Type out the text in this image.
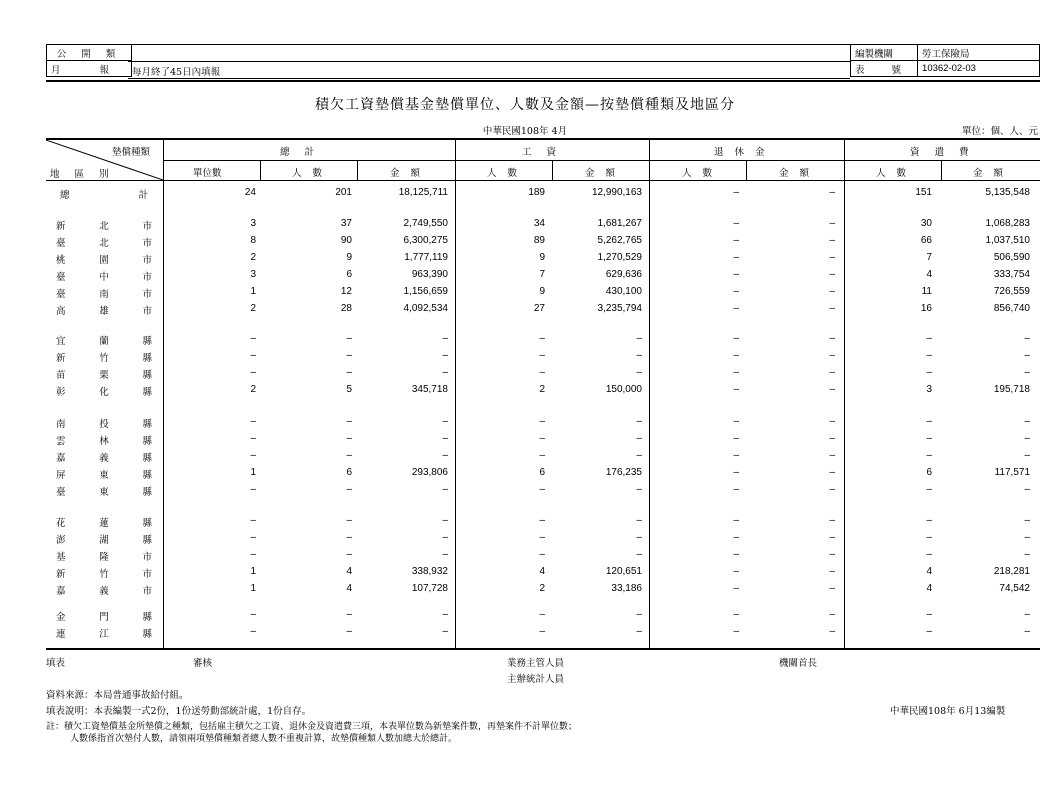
公 開 類
月 報 每月終了45日內填報
編製機關	勞工保險局
表 號	10362-02-03
積欠工資墊償基金墊償單位、人數及金額—按墊償種類及地區分
中華民國108年 4月	單位：個、人、元
墊償種類
地 區 別
總 計	工 資	退 休 金	資 遣 費
單位數	人 數	金 額	人 數	金 額	人 數	金 額	人 數	金 額
總	計	24	201	18,125,711	189	12,990,163	–	–	151	5,135,548
新	北	市	3	37	2,749,550	34	1,681,267	–	–	30	1,068,283
臺	北	市	8	90	6,300,275	89	5,262,765	–	–	66	1,037,510
桃	園	市	2	9	1,777,119	9	1,270,529	–	–	7	506,590
臺	中	市	3	6	963,390	7	629,636	–	–	4	333,754
臺	南	市	1	12	1,156,659	9	430,100	–	–	11	726,559
高	雄	市	2	28	4,092,534	27	3,235,794	–	–	16	856,740
宜	蘭	縣	–	–	–	–	–	–	–	–	–
新	竹	縣	–	–	–	–	–	–	–	–	–
苗	栗	縣	–	–	–	–	–	–	–	–	–
彰	化	縣	2	5	345,718	2	150,000	–	–	3	195,718
南	投	縣	–	–	–	–	–	–	–	–	–
雲	林	縣	–	–	–	–	–	–	–	–	–
嘉	義	縣	–	–	–	–	–	–	–	–	–
屏	東	縣	1	6	293,806	6	176,235	–	–	6	117,571
臺	東	縣	–	–	–	–	–	–	–	–	–
花	蓮	縣	–	–	–	–	–	–	–	–	–
澎	湖	縣	–	–	–	–	–	–	–	–	–
基	隆	市	–	–	–	–	–	–	–	–	–
新	竹	市	1	4	338,932	4	120,651	–	–	4	218,281
嘉	義	市	1	4	107,728	2	33,186	–	–	4	74,542
金	門	縣	–	–	–	–	–	–	–	–	–
連	江	縣	–	–	–	–	–	–	–	–	–
填表	審核	業務主管人員
主辦統計人員
機關首長
資料來源：本局普通事故給付組。
填表說明：本表編製一式2份，1份送勞動部統計處，1份自存。	中華民國108年 6月13編製
註：積欠工資墊償基金所墊償之種類，包括雇主積欠之工資、退休金及資遣費三項，本表單位數為新墊案件數，再墊案件不計單位數；
人數係指首次墊付人數，請領兩項墊償種類者總人數不重複計算，故墊償種類人數加總大於總計。
